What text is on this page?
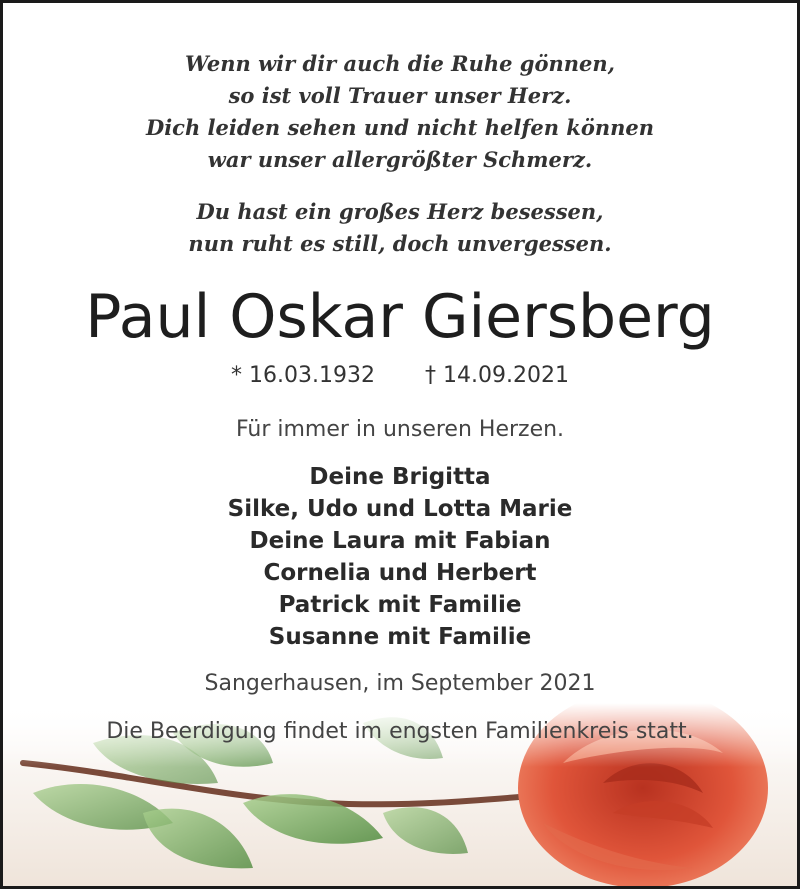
Wenn wir dir auch die Ruhe gönnen,
so ist voll Trauer unser Herz.
Dich leiden sehen und nicht helfen können
war unser allergrößter Schmerz.
Du hast ein großes Herz besessen,
nun ruht es still, doch unvergessen.
Paul Oskar Giersberg
* 16.03.1932 † 14.09.2021
Für immer in unseren Herzen.
Deine Brigitta
Silke, Udo und Lotta Marie
Deine Laura mit Fabian
Cornelia und Herbert
Patrick mit Familie
Susanne mit Familie
Sangerhausen, im September 2021
Die Beerdigung findet im engsten Familienkreis statt.
